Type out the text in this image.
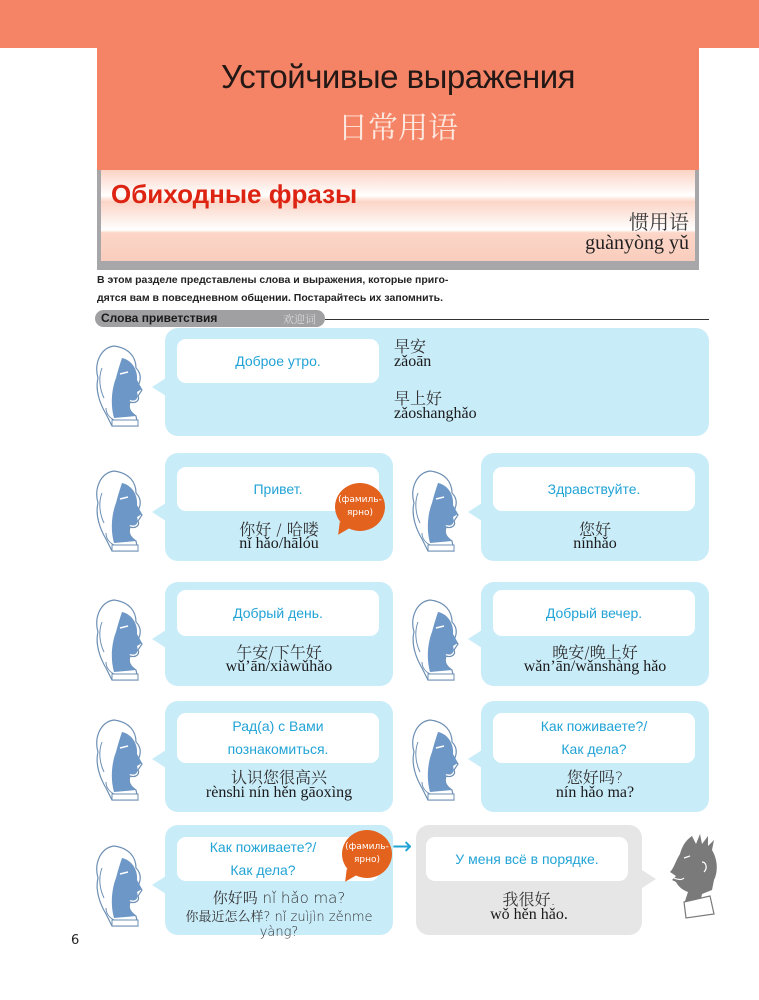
Устойчивые выражения
日常用语
Обиходные фразы
惯用语
guànyòng yǔ
В этом разделе представлены слова и выражения, которые приго-
дятся вам в повседневном общении. Постарайтесь их запомнить.
Слова приветствия	欢迎词
Доброе утро.
早安
zǎoān
早上好
zǎoshanghǎo
Привет.
你好 / 哈喽
nǐ hǎo/hālóu
(фамиль-
ярно)
Здравствуйте.
您好
nínhǎo
Добрый день.
午安/下午好
wǔ’ān/xiàwǔhǎo
Добрый вечер.
晚安/晚上好
wǎn’ān/wǎnshàng hǎo
Рад(а) с Вами
познакомиться.
认识您很高兴
rènshi nín hěn gāoxìng
Как поживаете?/
Как дела?
您好吗?
nín hǎo ma?
Как поживаете?/
Как дела?
你好吗 nǐ hǎo ma?
你最近怎么样? nǐ zuìjìn zěnme yàng?
(фамиль-
ярно) →	У меня всё в порядке.
我很好.
wǒ hěn hǎo.
6
